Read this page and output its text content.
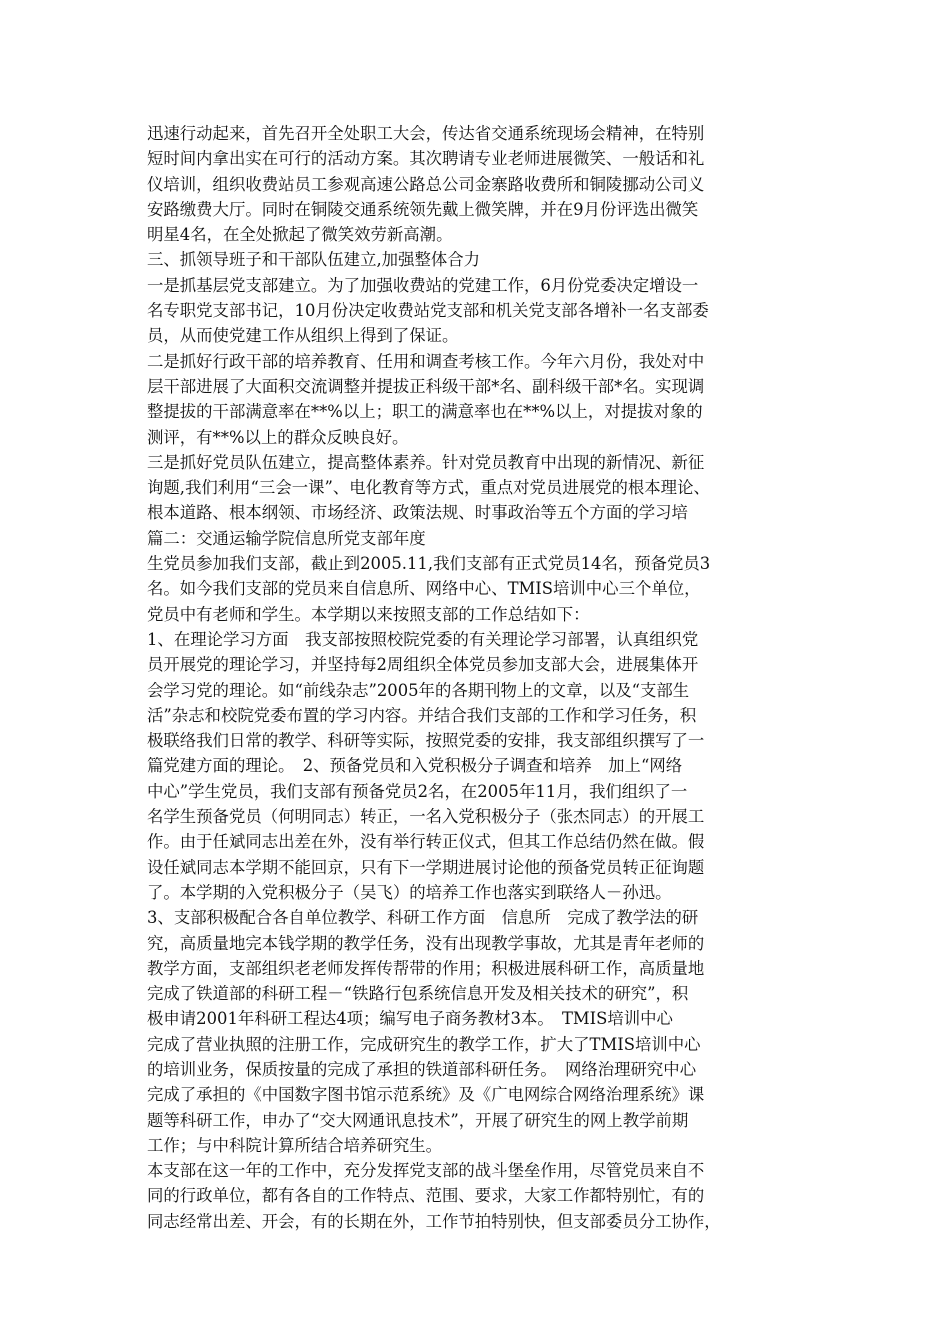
迅速行动起来，首先召开全处职工大会，传达省交通系统现场会精神，在特别
短时间内拿出实在可行的活动方案。其次聘请专业老师进展微笑、一般话和礼
仪培训，组织收费站员工参观高速公路总公司金寨路收费所和铜陵挪动公司义
安路缴费大厅。同时在铜陵交通系统领先戴上微笑牌，并在9月份评选出微笑
明星4名，在全处掀起了微笑效劳新高潮。
三、抓领导班子和干部队伍建立,加强整体合力
一是抓基层党支部建立。为了加强收费站的党建工作，6月份党委决定增设一
名专职党支部书记，10月份决定收费站党支部和机关党支部各增补一名支部委
员，从而使党建工作从组织上得到了保证。
二是抓好行政干部的培养教育、任用和调查考核工作。今年六月份，我处对中
层干部进展了大面积交流调整并提拔正科级干部*名、副科级干部*名。实现调
整提拔的干部满意率在**%以上；职工的满意率也在**%以上，对提拔对象的
测评，有**%以上的群众反映良好。
三是抓好党员队伍建立，提高整体素养。针对党员教育中出现的新情况、新征
询题,我们利用“三会一课”、电化教育等方式，重点对党员进展党的根本理论、
根本道路、根本纲领、市场经济、政策法规、时事政治等五个方面的学习培
篇二：交通运输学院信息所党支部年度
生党员参加我们支部，截止到2005.11,我们支部有正式党员14名，预备党员3
名。如今我们支部的党员来自信息所、网络中心、TMIS培训中心三个单位，
党员中有老师和学生。本学期以来按照支部的工作总结如下：
1、在理论学习方面　我支部按照校院党委的有关理论学习部署，认真组织党
员开展党的理论学习，并坚持每2周组织全体党员参加支部大会，进展集体开
会学习党的理论。如“前线杂志”2005年的各期刊物上的文章，以及“支部生
活”杂志和校院党委布置的学习内容。并结合我们支部的工作和学习任务，积
极联络我们日常的教学、科研等实际，按照党委的安排，我支部组织撰写了一
篇党建方面的理论。　2、预备党员和入党积极分子调查和培养　加上“网络
中心”学生党员，我们支部有预备党员2名，在2005年11月，我们组织了一
名学生预备党员（何明同志）转正，一名入党积极分子（张杰同志）的开展工
作。由于任斌同志出差在外，没有举行转正仪式，但其工作总结仍然在做。假
设任斌同志本学期不能回京，只有下一学期进展讨论他的预备党员转正征询题
了。本学期的入党积极分子（吴飞）的培养工作也落实到联络人－孙迅。
3、支部积极配合各自单位教学、科研工作方面　信息所　完成了教学法的研
究，高质量地完本钱学期的教学任务，没有出现教学事故，尤其是青年老师的
教学方面，支部组织老老师发挥传帮带的作用；积极进展科研工作，高质量地
完成了铁道部的科研工程－“铁路行包系统信息开发及相关技术的研究”，积
极申请2001年科研工程达4项；编写电子商务教材3本。　TMIS培训中心
完成了营业执照的注册工作，完成研究生的教学工作，扩大了TMIS培训中心
的培训业务，保质按量的完成了承担的铁道部科研任务。　网络治理研究中心
完成了承担的《中国数字图书馆示范系统》及《广电网综合网络治理系统》课
题等科研工作，申办了“交大网通讯息技术”，开展了研究生的网上教学前期
工作；与中科院计算所结合培养研究生。
本支部在这一年的工作中，充分发挥党支部的战斗堡垒作用，尽管党员来自不
同的行政单位，都有各自的工作特点、范围、要求，大家工作都特别忙，有的
同志经常出差、开会，有的长期在外，工作节拍特别快，但支部委员分工协作，
